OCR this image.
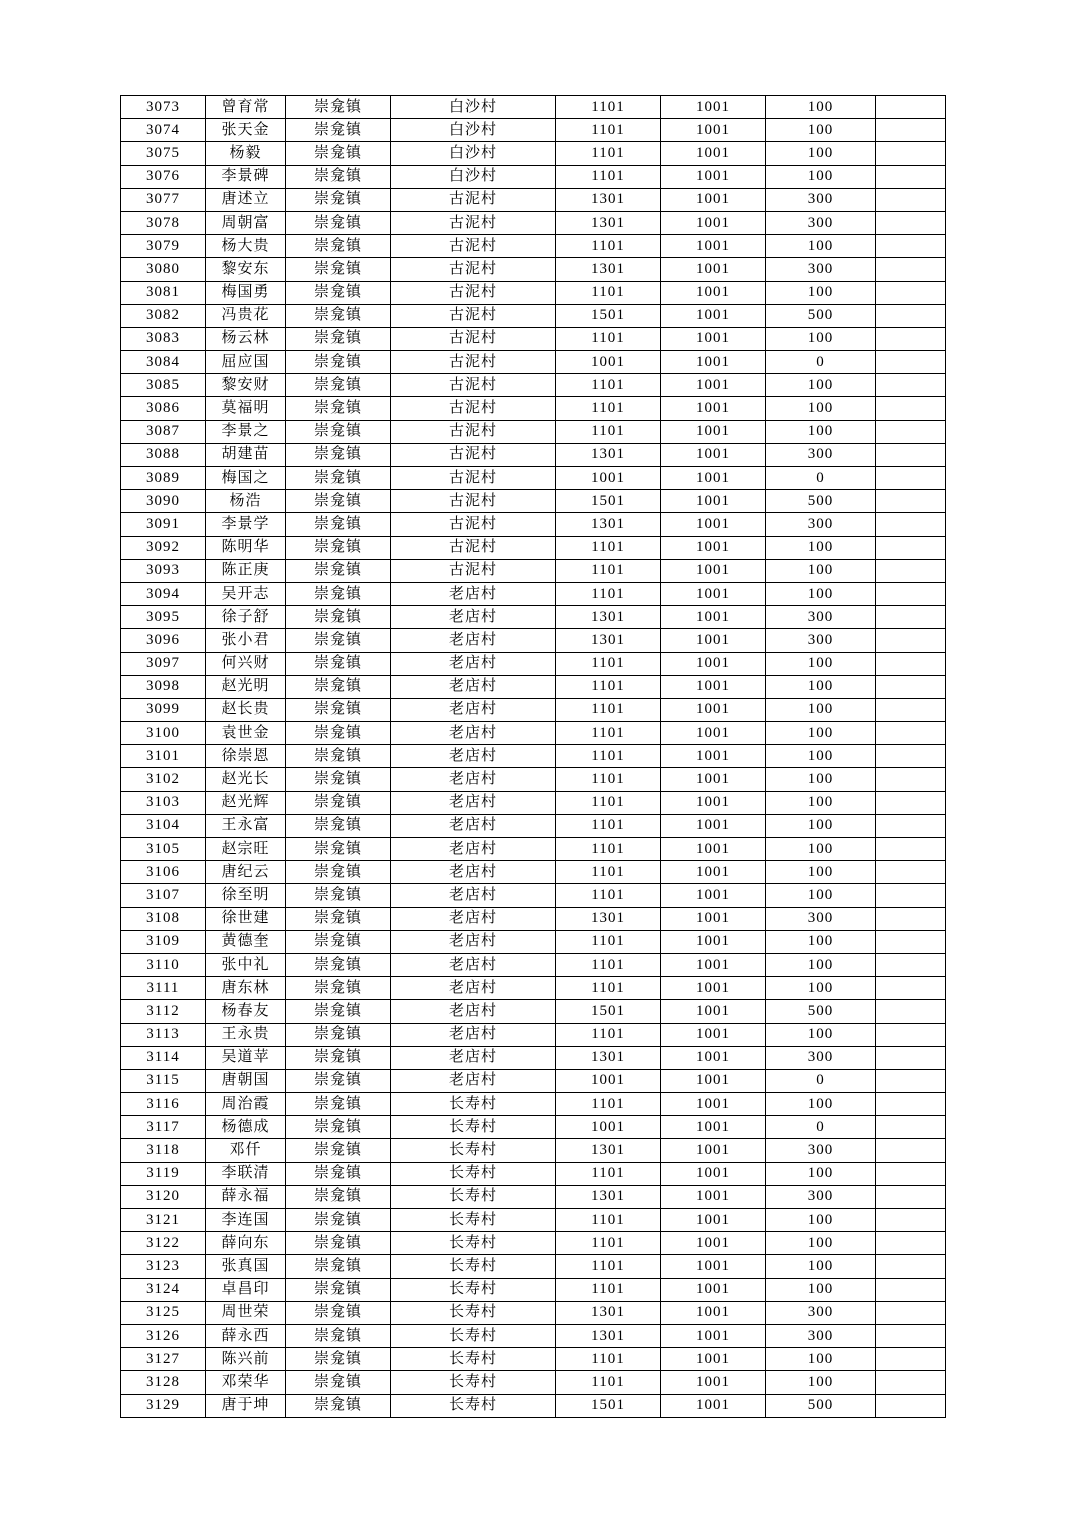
3073	曾育常	崇龛镇	白沙村	1101	1001	100	
3074	张天金	崇龛镇	白沙村	1101	1001	100	
3075	杨毅	崇龛镇	白沙村	1101	1001	100	
3076	李景碑	崇龛镇	白沙村	1101	1001	100	
3077	唐述立	崇龛镇	古泥村	1301	1001	300	
3078	周朝富	崇龛镇	古泥村	1301	1001	300	
3079	杨大贵	崇龛镇	古泥村	1101	1001	100	
3080	黎安东	崇龛镇	古泥村	1301	1001	300	
3081	梅国勇	崇龛镇	古泥村	1101	1001	100	
3082	冯贵花	崇龛镇	古泥村	1501	1001	500	
3083	杨云林	崇龛镇	古泥村	1101	1001	100	
3084	屈应国	崇龛镇	古泥村	1001	1001	0	
3085	黎安财	崇龛镇	古泥村	1101	1001	100	
3086	莫福明	崇龛镇	古泥村	1101	1001	100	
3087	李景之	崇龛镇	古泥村	1101	1001	100	
3088	胡建苗	崇龛镇	古泥村	1301	1001	300	
3089	梅国之	崇龛镇	古泥村	1001	1001	0	
3090	杨浩	崇龛镇	古泥村	1501	1001	500	
3091	李景学	崇龛镇	古泥村	1301	1001	300	
3092	陈明华	崇龛镇	古泥村	1101	1001	100	
3093	陈正庚	崇龛镇	古泥村	1101	1001	100	
3094	吴开志	崇龛镇	老店村	1101	1001	100	
3095	徐子舒	崇龛镇	老店村	1301	1001	300	
3096	张小君	崇龛镇	老店村	1301	1001	300	
3097	何兴财	崇龛镇	老店村	1101	1001	100	
3098	赵光明	崇龛镇	老店村	1101	1001	100	
3099	赵长贵	崇龛镇	老店村	1101	1001	100	
3100	袁世金	崇龛镇	老店村	1101	1001	100	
3101	徐崇恩	崇龛镇	老店村	1101	1001	100	
3102	赵光长	崇龛镇	老店村	1101	1001	100	
3103	赵光辉	崇龛镇	老店村	1101	1001	100	
3104	王永富	崇龛镇	老店村	1101	1001	100	
3105	赵宗旺	崇龛镇	老店村	1101	1001	100	
3106	唐纪云	崇龛镇	老店村	1101	1001	100	
3107	徐至明	崇龛镇	老店村	1101	1001	100	
3108	徐世建	崇龛镇	老店村	1301	1001	300	
3109	黄德奎	崇龛镇	老店村	1101	1001	100	
3110	张中礼	崇龛镇	老店村	1101	1001	100	
3111	唐东林	崇龛镇	老店村	1101	1001	100	
3112	杨春友	崇龛镇	老店村	1501	1001	500	
3113	王永贵	崇龛镇	老店村	1101	1001	100	
3114	吴道苹	崇龛镇	老店村	1301	1001	300	
3115	唐朝国	崇龛镇	老店村	1001	1001	0	
3116	周治霞	崇龛镇	长寿村	1101	1001	100	
3117	杨德成	崇龛镇	长寿村	1001	1001	0	
3118	邓仟	崇龛镇	长寿村	1301	1001	300	
3119	李联清	崇龛镇	长寿村	1101	1001	100	
3120	薛永福	崇龛镇	长寿村	1301	1001	300	
3121	李连国	崇龛镇	长寿村	1101	1001	100	
3122	薛向东	崇龛镇	长寿村	1101	1001	100	
3123	张真国	崇龛镇	长寿村	1101	1001	100	
3124	卓昌印	崇龛镇	长寿村	1101	1001	100	
3125	周世荣	崇龛镇	长寿村	1301	1001	300	
3126	薛永西	崇龛镇	长寿村	1301	1001	300	
3127	陈兴前	崇龛镇	长寿村	1101	1001	100	
3128	邓荣华	崇龛镇	长寿村	1101	1001	100	
3129	唐于坤	崇龛镇	长寿村	1501	1001	500	
